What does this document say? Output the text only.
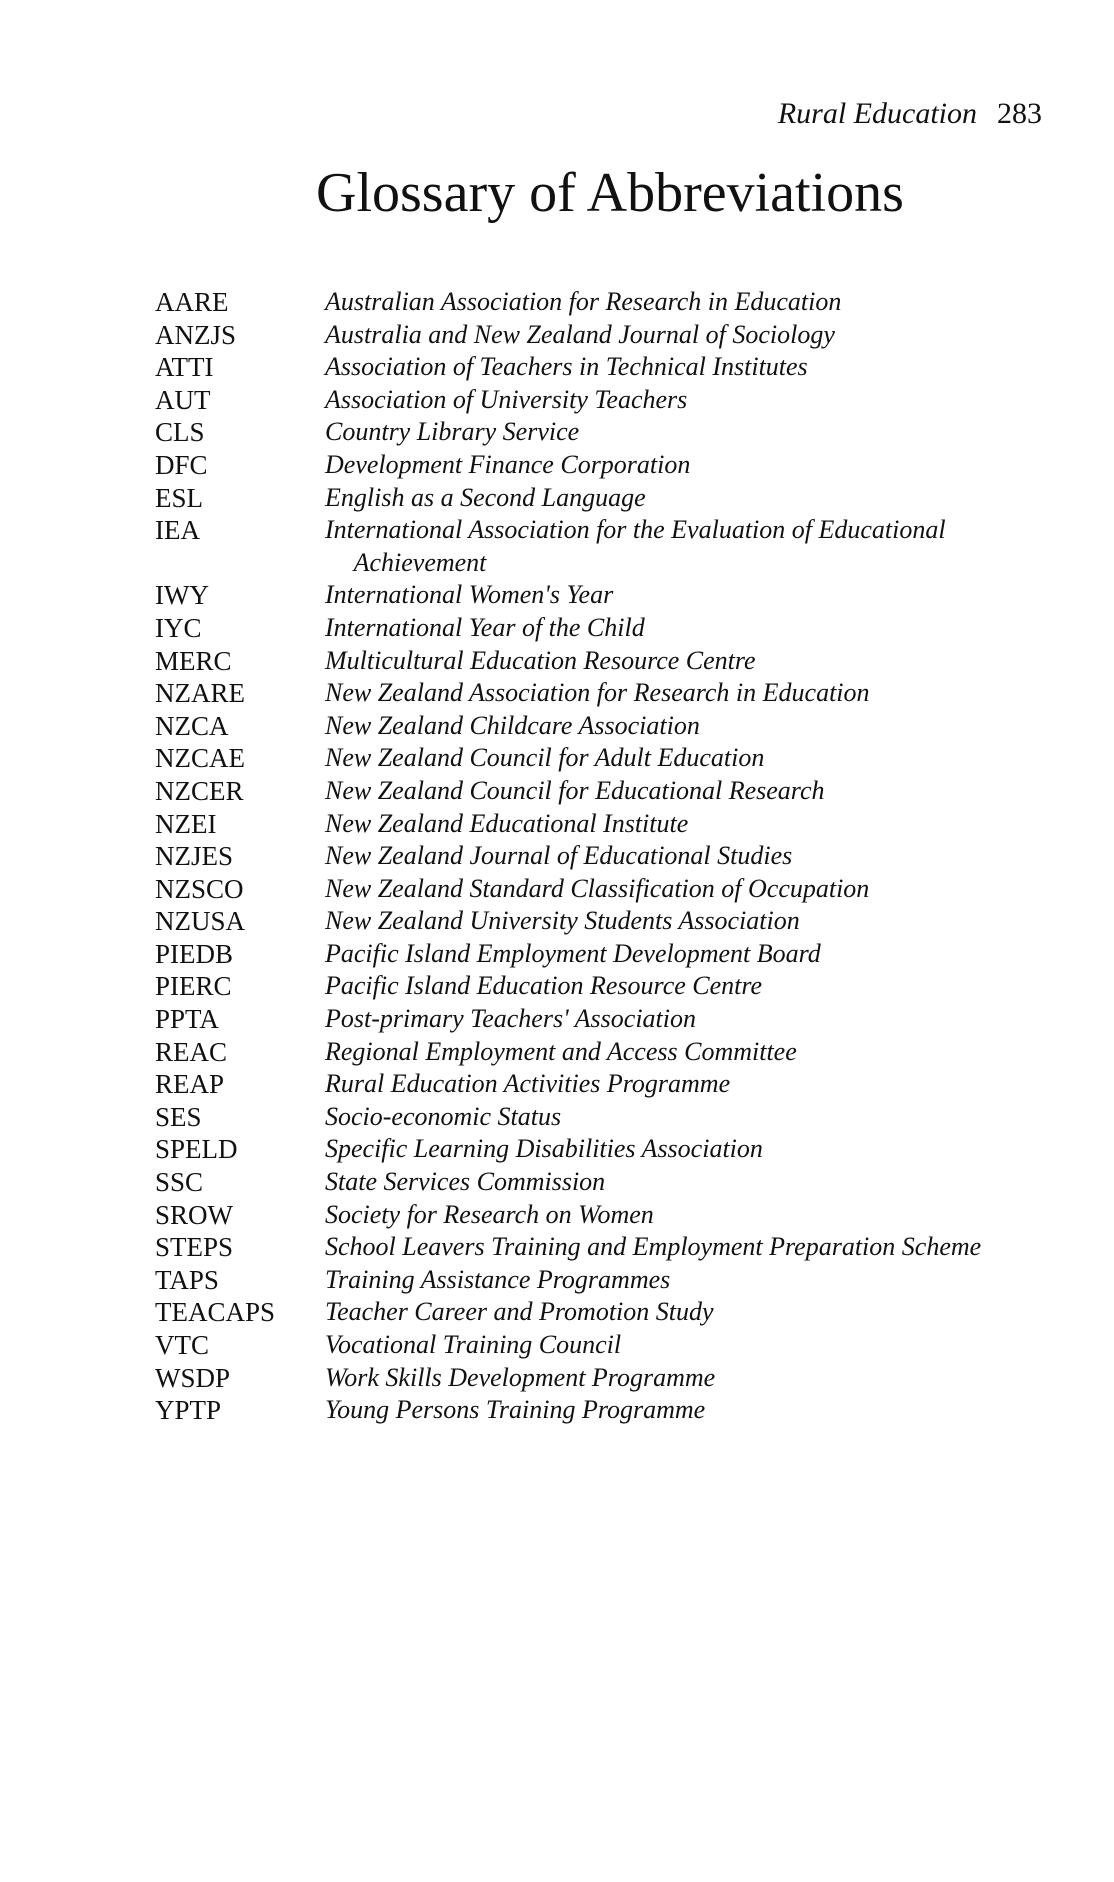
Rural Education 283
Glossary of Abbreviations
AARE	Australian Association for Research in Education
ANZJS	Australia and New Zealand Journal of Sociology
ATTI	Association of Teachers in Technical Institutes
AUT	Association of University Teachers
CLS	Country Library Service
DFC	Development Finance Corporation
ESL	English as a Second Language
IEA	International Association for the Evaluation of Educational Achievement
IWY	International Women's Year
IYC	International Year of the Child
MERC	Multicultural Education Resource Centre
NZARE	New Zealand Association for Research in Education
NZCA	New Zealand Childcare Association
NZCAE	New Zealand Council for Adult Education
NZCER	New Zealand Council for Educational Research
NZEI	New Zealand Educational Institute
NZJES	New Zealand Journal of Educational Studies
NZSCO	New Zealand Standard Classification of Occupation
NZUSA	New Zealand University Students Association
PIEDB	Pacific Island Employment Development Board
PIERC	Pacific Island Education Resource Centre
PPTA	Post-primary Teachers' Association
REAC	Regional Employment and Access Committee
REAP	Rural Education Activities Programme
SES	Socio-economic Status
SPELD	Specific Learning Disabilities Association
SSC	State Services Commission
SROW	Society for Research on Women
STEPS	School Leavers Training and Employment Preparation Scheme
TAPS	Training Assistance Programmes
TEACAPS	Teacher Career and Promotion Study
VTC	Vocational Training Council
WSDP	Work Skills Development Programme
YPTP	Young Persons Training Programme
